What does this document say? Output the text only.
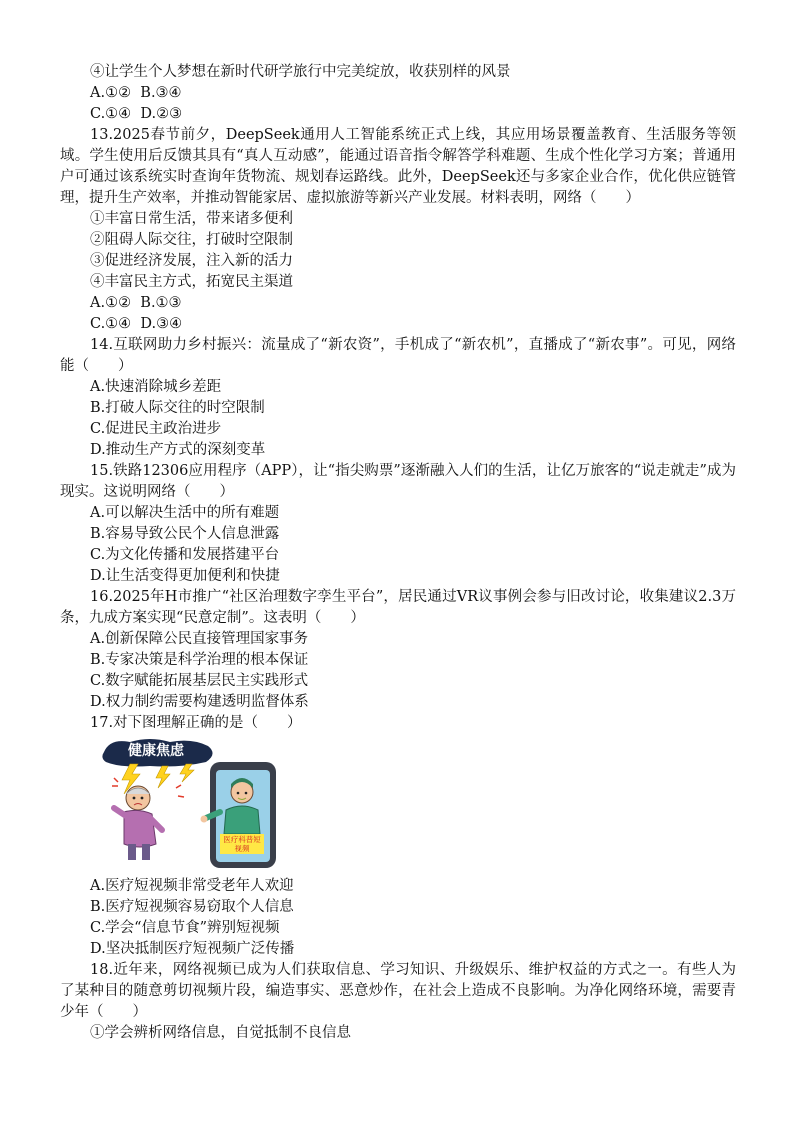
④让学生个人梦想在新时代研学旅行中完美绽放，收获别样的风景
A.①②  B.③④
C.①④  D.②③
13.2025春节前夕，DeepSeek通用人工智能系统正式上线，其应用场景覆盖教育、生活服务等领域。学生使用后反馈其具有“真人互动感”，能通过语音指令解答学科难题、生成个性化学习方案；普通用户可通过该系统实时查询年货物流、规划春运路线。此外，DeepSeek还与多家企业合作，优化供应链管理，提升生产效率，并推动智能家居、虚拟旅游等新兴产业发展。材料表明，网络（　　）
①丰富日常生活，带来诸多便利
②阻碍人际交往，打破时空限制
③促进经济发展，注入新的活力
④丰富民主方式，拓宽民主渠道
A.①②  B.①③
C.①④  D.③④
14.互联网助力乡村振兴：流量成了“新农资”，手机成了“新农机”，直播成了“新农事”。可见，网络能（　　）
A.快速消除城乡差距
B.打破人际交往的时空限制
C.促进民主政治进步
D.推动生产方式的深刻变革
15.铁路12306应用程序（APP），让“指尖购票”逐渐融入人们的生活，让亿万旅客的“说走就走”成为现实。这说明网络（　　）
A.可以解决生活中的所有难题
B.容易导致公民个人信息泄露
C.为文化传播和发展搭建平台
D.让生活变得更加便利和快捷
16.2025年H市推广“社区治理数字孪生平台”，居民通过VR议事例会参与旧改讨论，收集建议2.3万条，九成方案实现“民意定制”。这表明（　　）
A.创新保障公民直接管理国家事务
B.专家决策是科学治理的根本保证
C.数字赋能拓展基层民主实践形式
D.权力制约需要构建透明监督体系
17.对下图理解正确的是（　　）
健康焦虑
医疗科普短视频
A.医疗短视频非常受老年人欢迎
B.医疗短视频容易窃取个人信息
C.学会“信息节食”辨别短视频
D.坚决抵制医疗短视频广泛传播
18.近年来，网络视频已成为人们获取信息、学习知识、升级娱乐、维护权益的方式之一。有些人为了某种目的随意剪切视频片段，编造事实、恶意炒作，在社会上造成不良影响。为净化网络环境，需要青少年（　　）
①学会辨析网络信息，自觉抵制不良信息
